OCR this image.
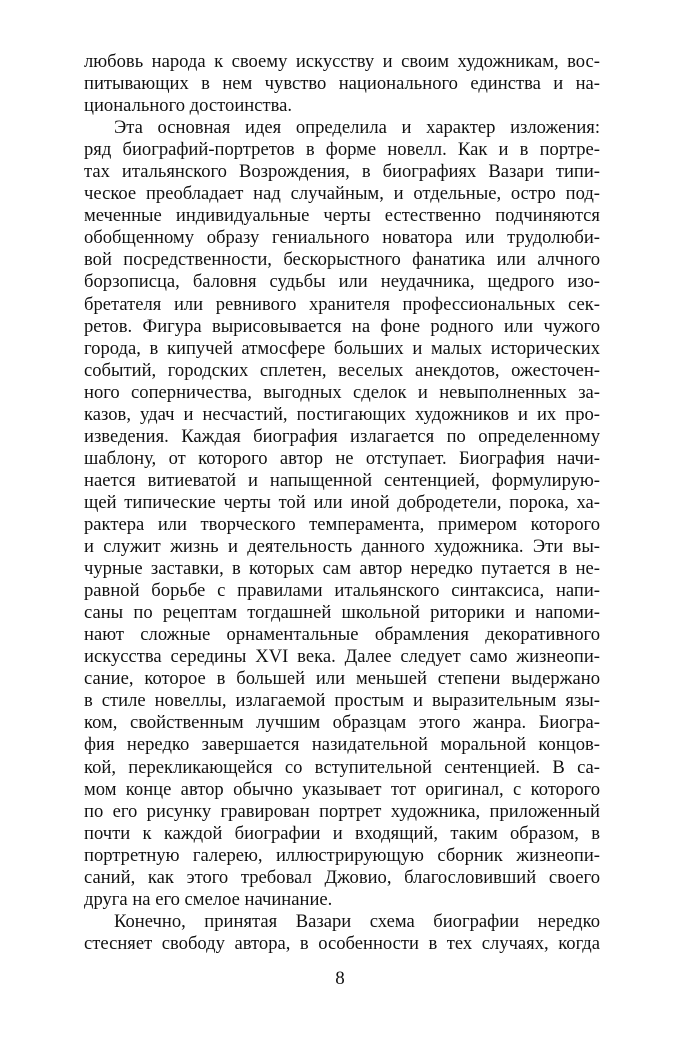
любовь народа к своему искусству и своим художникам, вос-
питывающих в нем чувство национального единства и на-
ционального достоинства.
Эта основная идея определила и характер изложения:
ряд биографий-портретов в форме новелл. Как и в портре-
тах итальянского Возрождения, в биографиях Вазари типи-
ческое преобладает над случайным, и отдельные, остро под-
меченные индивидуальные черты естественно подчиняются
обобщенному образу гениального новатора или трудолюби-
вой посредственности, бескорыстного фанатика или алчного
борзописца, баловня судьбы или неудачника, щедрого изо-
бретателя или ревнивого хранителя профессиональных сек-
ретов. Фигура вырисовывается на фоне родного или чужого
города, в кипучей атмосфере больших и малых исторических
событий, городских сплетен, веселых анекдотов, ожесточен-
ного соперничества, выгодных сделок и невыполненных за-
казов, удач и несчастий, постигающих художников и их про-
изведения. Каждая биография излагается по определенному
шаблону, от которого автор не отступает. Биография начи-
нается витиеватой и напыщенной сентенцией, формулирую-
щей типические черты той или иной добродетели, порока, ха-
рактера или творческого темперамента, примером которого
и служит жизнь и деятельность данного художника. Эти вы-
чурные заставки, в которых сам автор нередко путается в не-
равной борьбе с правилами итальянского синтаксиса, напи-
саны по рецептам тогдашней школьной риторики и напоми-
нают сложные орнаментальные обрамления декоративного
искусства середины XVI века. Далее следует само жизнеопи-
сание, которое в большей или меньшей степени выдержано
в стиле новеллы, излагаемой простым и выразительным язы-
ком, свойственным лучшим образцам этого жанра. Биогра-
фия нередко завершается назидательной моральной концов-
кой, перекликающейся со вступительной сентенцией. В са-
мом конце автор обычно указывает тот оригинал, с которого
по его рисунку гравирован портрет художника, приложенный
почти к каждой биографии и входящий, таким образом, в
портретную галерею, иллюстрирующую сборник жизнеопи-
саний, как этого требовал Джовио, благословивший своего
друга на его смелое начинание.
Конечно, принятая Вазари схема биографии нередко
стесняет свободу автора, в особенности в тех случаях, когда
8
